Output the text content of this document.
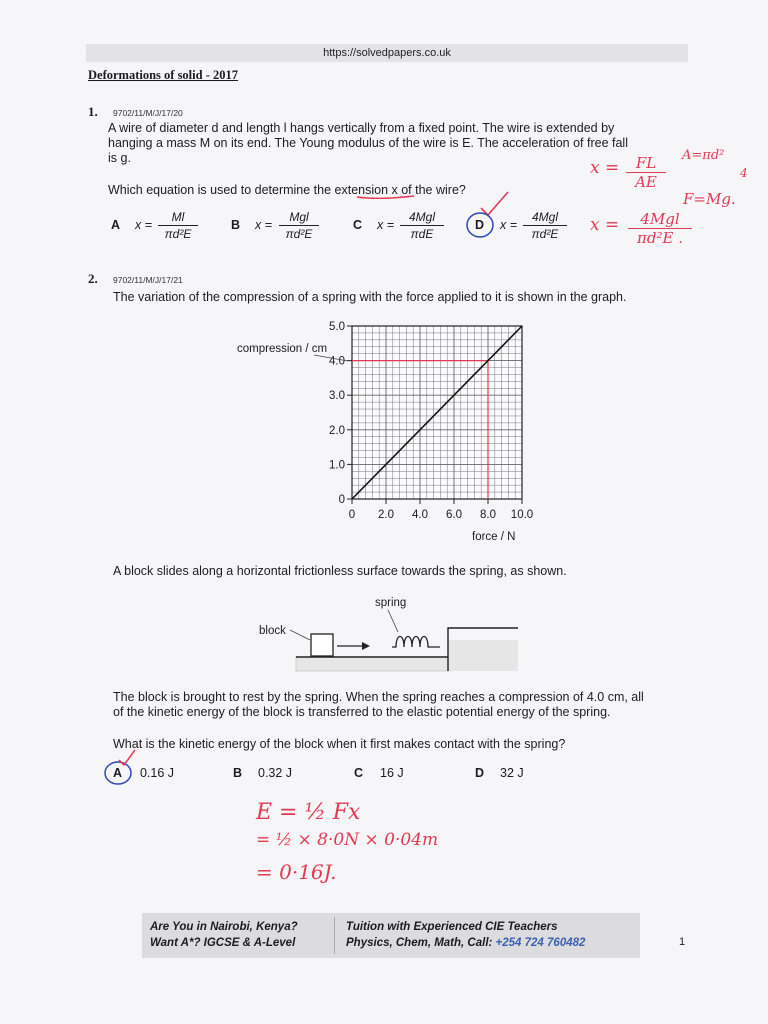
https://solvedpapers.co.uk
Deformations of solid - 2017
1. 9702/11/M/J/17/20
A wire of diameter d and length l hangs vertically from a fixed point. The wire is extended by
hanging a mass M on its end. The Young modulus of the wire is E. The acceleration of free fall
is g.
Which equation is used to determine the extension x of the wire?
A $x = \frac{Ml}{\text{πd²E}}$	B x =
Mgl
πd²E
C x =
4Mgl
πdE
D x =
4Mgl
πd²E
$x = \frac{FL}{AE} A=\pi d^2$
4
F=Mg.
x =	4Mgl
πd²E .
2. 9702/11/M/J/17/21
The variation of the compression of a spring with the force applied to it is shown in the graph.
compression / cm
force / N
A block slides along a horizontal frictionless surface towards the spring, as shown.
spring
block
The block is brought to rest by the spring. When the spring reaches a compression of 4.0 cm, all
of the kinetic energy of the block is transferred to the elastic potential energy of the spring.
What is the kinetic energy of the block when it first makes contact with the spring?
A 0.16 J	B 0.32 J	C 16 J	D 32 J
E = ½ Fx
= ½ × 8·0N × 0·04m
= 0·16J.
0 2.0 4.0 6.0 8.0 10.0
0
1.0
2.0
3.0
4.0
5.0
Are You in Nairobi, Kenya?
Want A*? IGCSE & A-Level
Tuition with Experienced CIE Teachers
Physics, Chem, Math, Call: +254 724 760482	1
